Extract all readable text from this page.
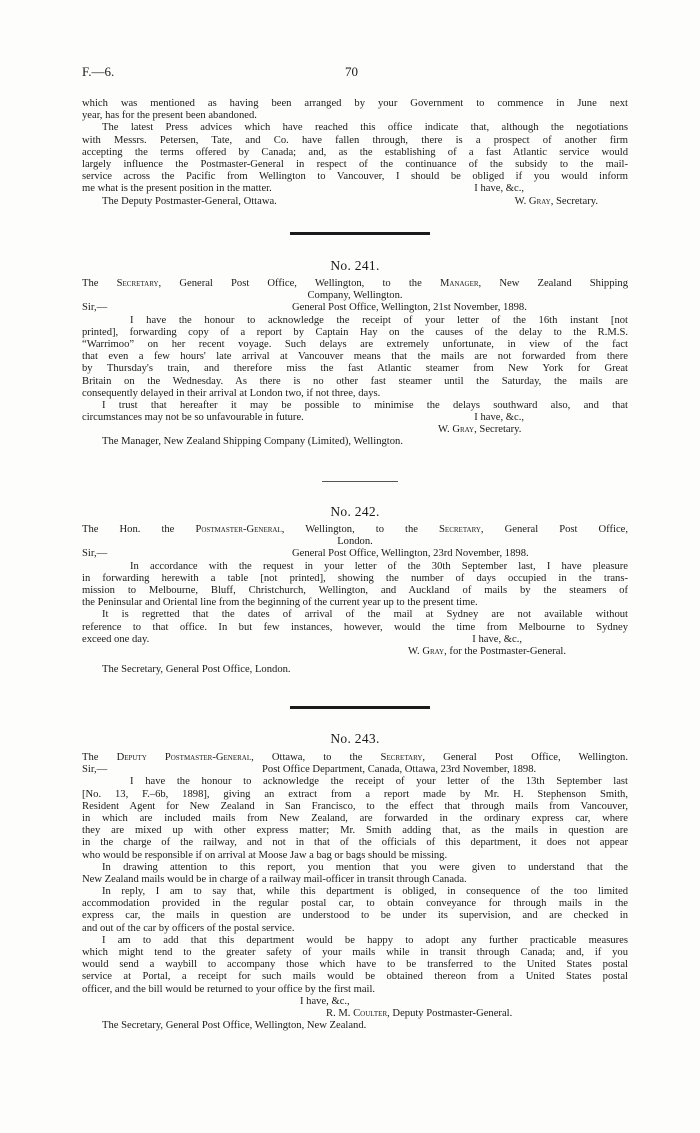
F.—6.	70
which was mentioned as having been arranged by your Government to commence in June next
year, has for the present been abandoned.
The latest Press advices which have reached this office indicate that, although the negotiations
with Messrs. Petersen, Tate, and Co. have fallen through, there is a prospect of another firm
accepting the terms offered by Canada; and, as the establishing of a fast Atlantic service would
largely influence the Postmaster-General in respect of the continuance of the subsidy to the mail-
service across the Pacific from Wellington to Vancouver, I should be obliged if you would inform
me what is the present position in the matter.	I have, &c.,
The Deputy Postmaster-General, Ottawa.	W. Gray, Secretary.
No. 241.
The Secretary, General Post Office, Wellington, to the Manager, New Zealand Shipping
Company, Wellington.
Sir,—	General Post Office, Wellington, 21st November, 1898.
I have the honour to acknowledge the receipt of your letter of the 16th instant [not
printed], forwarding copy of a report by Captain Hay on the causes of the delay to the R.M.S.
“Warrimoo” on her recent voyage. Such delays are extremely unfortunate, in view of the fact
that even a few hours' late arrival at Vancouver means that the mails are not forwarded from there
by Thursday's train, and therefore miss the fast Atlantic steamer from New York for Great
Britain on the Wednesday. As there is no other fast steamer until the Saturday, the mails are
consequently delayed in their arrival at London two, if not three, days.
I trust that hereafter it may be possible to minimise the delays southward also, and that
circumstances may not be so unfavourable in future.	I have, &c.,
W. Gray, Secretary.
The Manager, New Zealand Shipping Company (Limited), Wellington.
No. 242.
The Hon. the Postmaster-General, Wellington, to the Secretary, General Post Office,
London.
Sir,—	General Post Office, Wellington, 23rd November, 1898.
In accordance with the request in your letter of the 30th September last, I have pleasure
in forwarding herewith a table [not printed], showing the number of days occupied in the trans-
mission to Melbourne, Bluff, Christchurch, Wellington, and Auckland of mails by the steamers of
the Peninsular and Oriental line from the beginning of the current year up to the present time.
It is regretted that the dates of arrival of the mail at Sydney are not available without
reference to that office. In but few instances, however, would the time from Melbourne to Sydney
exceed one day.	I have, &c.,
W. Gray, for the Postmaster-General.
The Secretary, General Post Office, London.
No. 243.
The Deputy Postmaster-General, Ottawa, to the Secretary, General Post Office, Wellington.
Sir,—	Post Office Department, Canada, Ottawa, 23rd November, 1898.
I have the honour to acknowledge the receipt of your letter of the 13th September last
[No. 13, F.–6b, 1898], giving an extract from a report made by Mr. H. Stephenson Smith,
Resident Agent for New Zealand in San Francisco, to the effect that through mails from Vancouver,
in which are included mails from New Zealand, are forwarded in the ordinary express car, where
they are mixed up with other express matter; Mr. Smith adding that, as the mails in question are
in the charge of the railway, and not in that of the officials of this department, it does not appear
who would be responsible if on arrival at Moose Jaw a bag or bags should be missing.
In drawing attention to this report, you mention that you were given to understand that the
New Zealand mails would be in charge of a railway mail-officer in transit through Canada.
In reply, I am to say that, while this department is obliged, in consequence of the too limited
accommodation provided in the regular postal car, to obtain conveyance for through mails in the
express car, the mails in question are understood to be under its supervision, and are checked in
and out of the car by officers of the postal service.
I am to add that this department would be happy to adopt any further practicable measures
which might tend to the greater safety of your mails while in transit through Canada; and, if you
would send a waybill to accompany those which have to be transferred to the United States postal
service at Portal, a receipt for such mails would be obtained thereon from a United States postal
officer, and the bill would be returned to your office by the first mail.
I have, &c.,
R. M. Coulter, Deputy Postmaster-General.
The Secretary, General Post Office, Wellington, New Zealand.
